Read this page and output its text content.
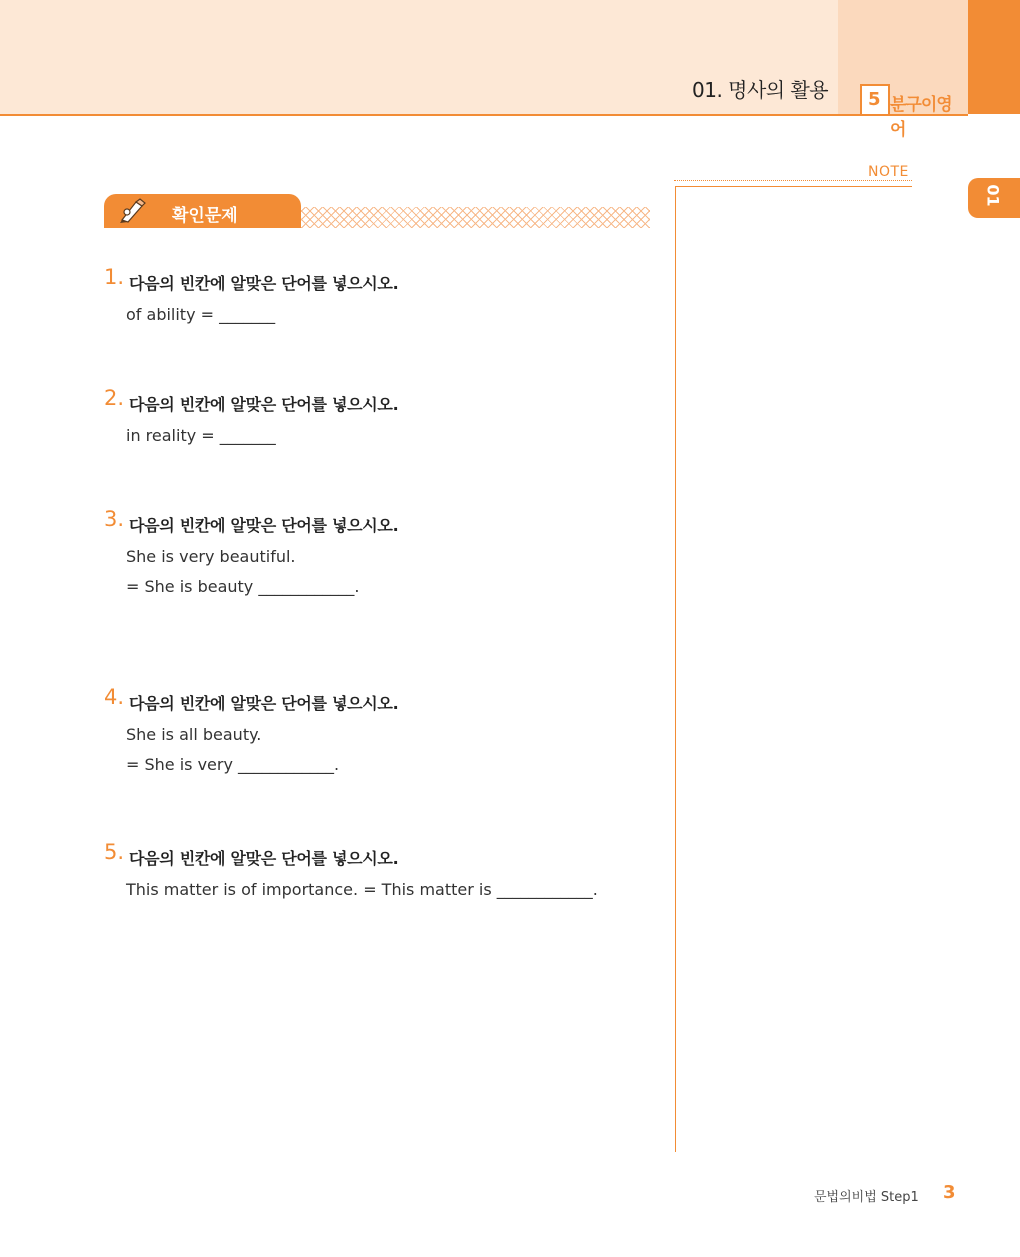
01. 명사의 활용 5 분구이영어
01
NOTE
확인문제
1. 다음의 빈칸에 알맞은 단어를 넣으시오.
of ability = _______
2. 다음의 빈칸에 알맞은 단어를 넣으시오.
in reality = _______
3. 다음의 빈칸에 알맞은 단어를 넣으시오.
She is very beautiful.
= She is beauty ____________.
4. 다음의 빈칸에 알맞은 단어를 넣으시오.
She is all beauty.
= She is very ____________.
5. 다음의 빈칸에 알맞은 단어를 넣으시오.
This matter is of importance. = This matter is ____________.
문법의비법 Step1 3
